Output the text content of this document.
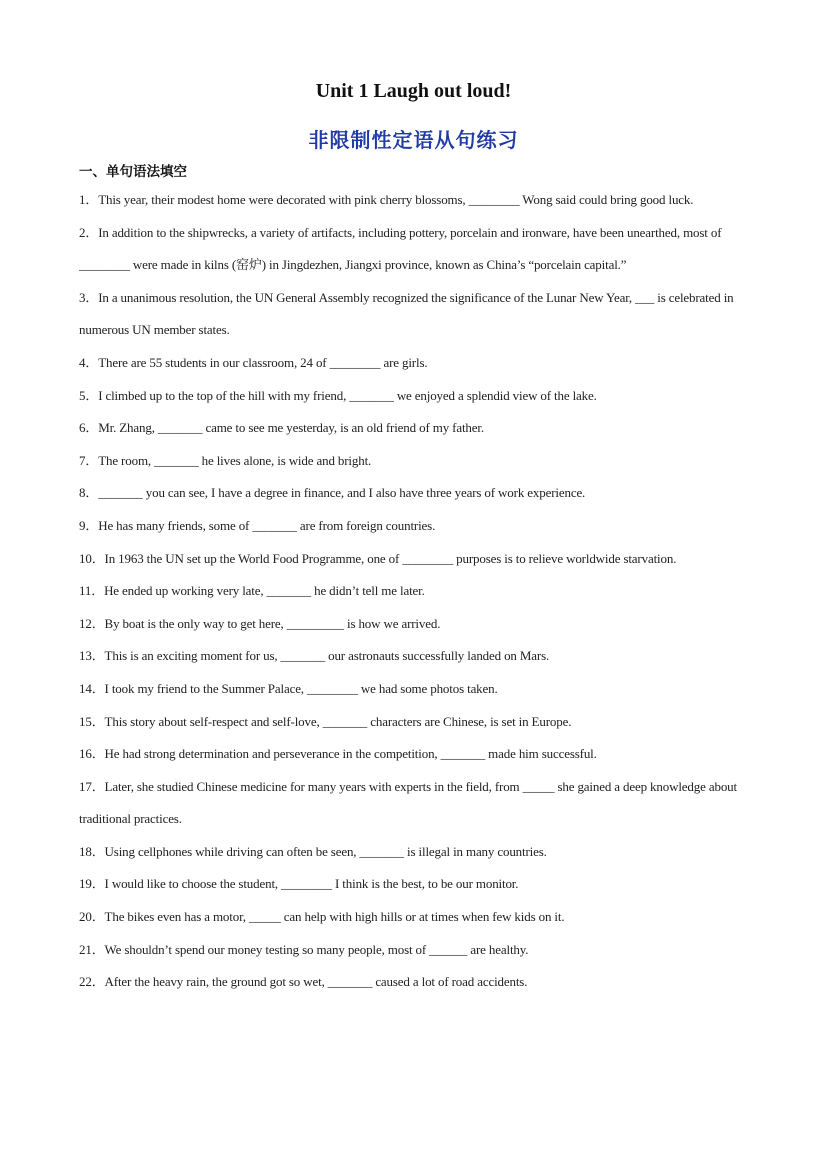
Unit 1 Laugh out loud!
非限制性定语从句练习
一、单句语法填空

1．This year, their modest home were decorated with pink cherry blossoms, ________ Wong said could bring good luck.

2．In addition to the shipwrecks, a variety of artifacts, including pottery, porcelain and ironware, have been unearthed, most of ________ were made in kilns (窑炉) in Jingdezhen, Jiangxi province, known as China’s “porcelain capital.”

3．In a unanimous resolution, the UN General Assembly recognized the significance of the Lunar New Year, ___ is celebrated in numerous UN member states.

4．There are 55 students in our classroom, 24 of ________ are girls.

5．I climbed up to the top of the hill with my friend, _______ we enjoyed a splendid view of the lake.

6．Mr. Zhang, _______ came to see me yesterday, is an old friend of my father.

7．The room, _______ he lives alone, is wide and bright.

8．_______ you can see, I have a degree in finance, and I also have three years of work experience.

9．He has many friends, some of _______ are from foreign countries.

10．In 1963 the UN set up the World Food Programme, one of ________ purposes is to relieve worldwide starvation.

11．He ended up working very late, _______ he didn’t tell me later.

12．By boat is the only way to get here, _________ is how we arrived.

13．This is an exciting moment for us, _______ our astronauts successfully landed on Mars.

14．I took my friend to the Summer Palace, ________ we had some photos taken.

15．This story about self-respect and self-love, _______ characters are Chinese, is set in Europe.

16．He had strong determination and perseverance in the competition, _______ made him successful.

17．Later, she studied Chinese medicine for many years with experts in the field, from _____ she gained a deep knowledge about traditional practices.

18．Using cellphones while driving can often be seen, _______ is illegal in many countries.

19．I would like to choose the student, ________ I think is the best, to be our monitor.

20．The bikes even has a motor, _____ can help with high hills or at times when few kids on it.

21．We shouldn’t spend our money testing so many people, most of ______ are healthy.

22．After the heavy rain, the ground got so wet, _______ caused a lot of road accidents.
